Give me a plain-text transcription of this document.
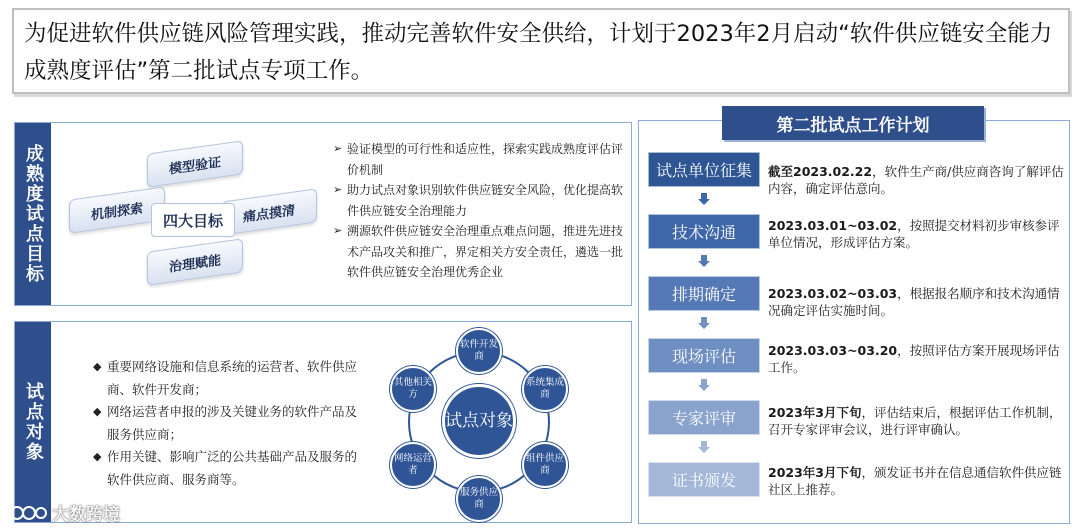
为促进软件供应链风险管理实践，推动完善软件安全供给，计划于2023年2月启动“软件供应链安全能力成熟度评估”第二批试点专项工作。
成熟度试点目标	模型验证
机制探索	痛点摸清
治理赋能
四大目标
➢ 验证模型的可行性和适应性，探索实践成熟度评估评价机制
➢ 助力试点对象识别软件供应链安全风险，优化提高软件供应链安全治理能力
➢ 溯源软件供应链安全治理重点难点问题，推进先进技术产品攻关和推广，界定相关方安全责任，遴选一批软件供应链安全治理优秀企业
试点对象
◆ 重要网络设施和信息系统的运营者、软件供应商、软件开发商；
◆ 网络运营者申报的涉及关键业务的软件产品及服务供应商；
◆ 作用关键、影响广泛的公共基础产品及服务的软件供应商、服务商等。
试点对象
软件开发商
系统集成商
组件供应商
服务供应商
网络运营者
其他相关方
第二批试点工作计划
试点单位征集	截至2023.02.22，软件生产商/供应商咨询了解评估内容，确定评估意向。
技术沟通	2023.03.01~03.02，按照提交材料初步审核参评单位情况，形成评估方案。
排期确定	2023.03.02~03.03，根据报名顺序和技术沟通情况确定评估实施时间。
现场评估	2023.03.03~03.20，按照评估方案开展现场评估工作。
专家评审	2023年3月下旬，评估结束后，根据评估工作机制，召开专家评审会议，进行评审确认。
证书颁发	2023年3月下旬，颁发证书并在信息通信软件供应链社区上推荐。
大数跨境
